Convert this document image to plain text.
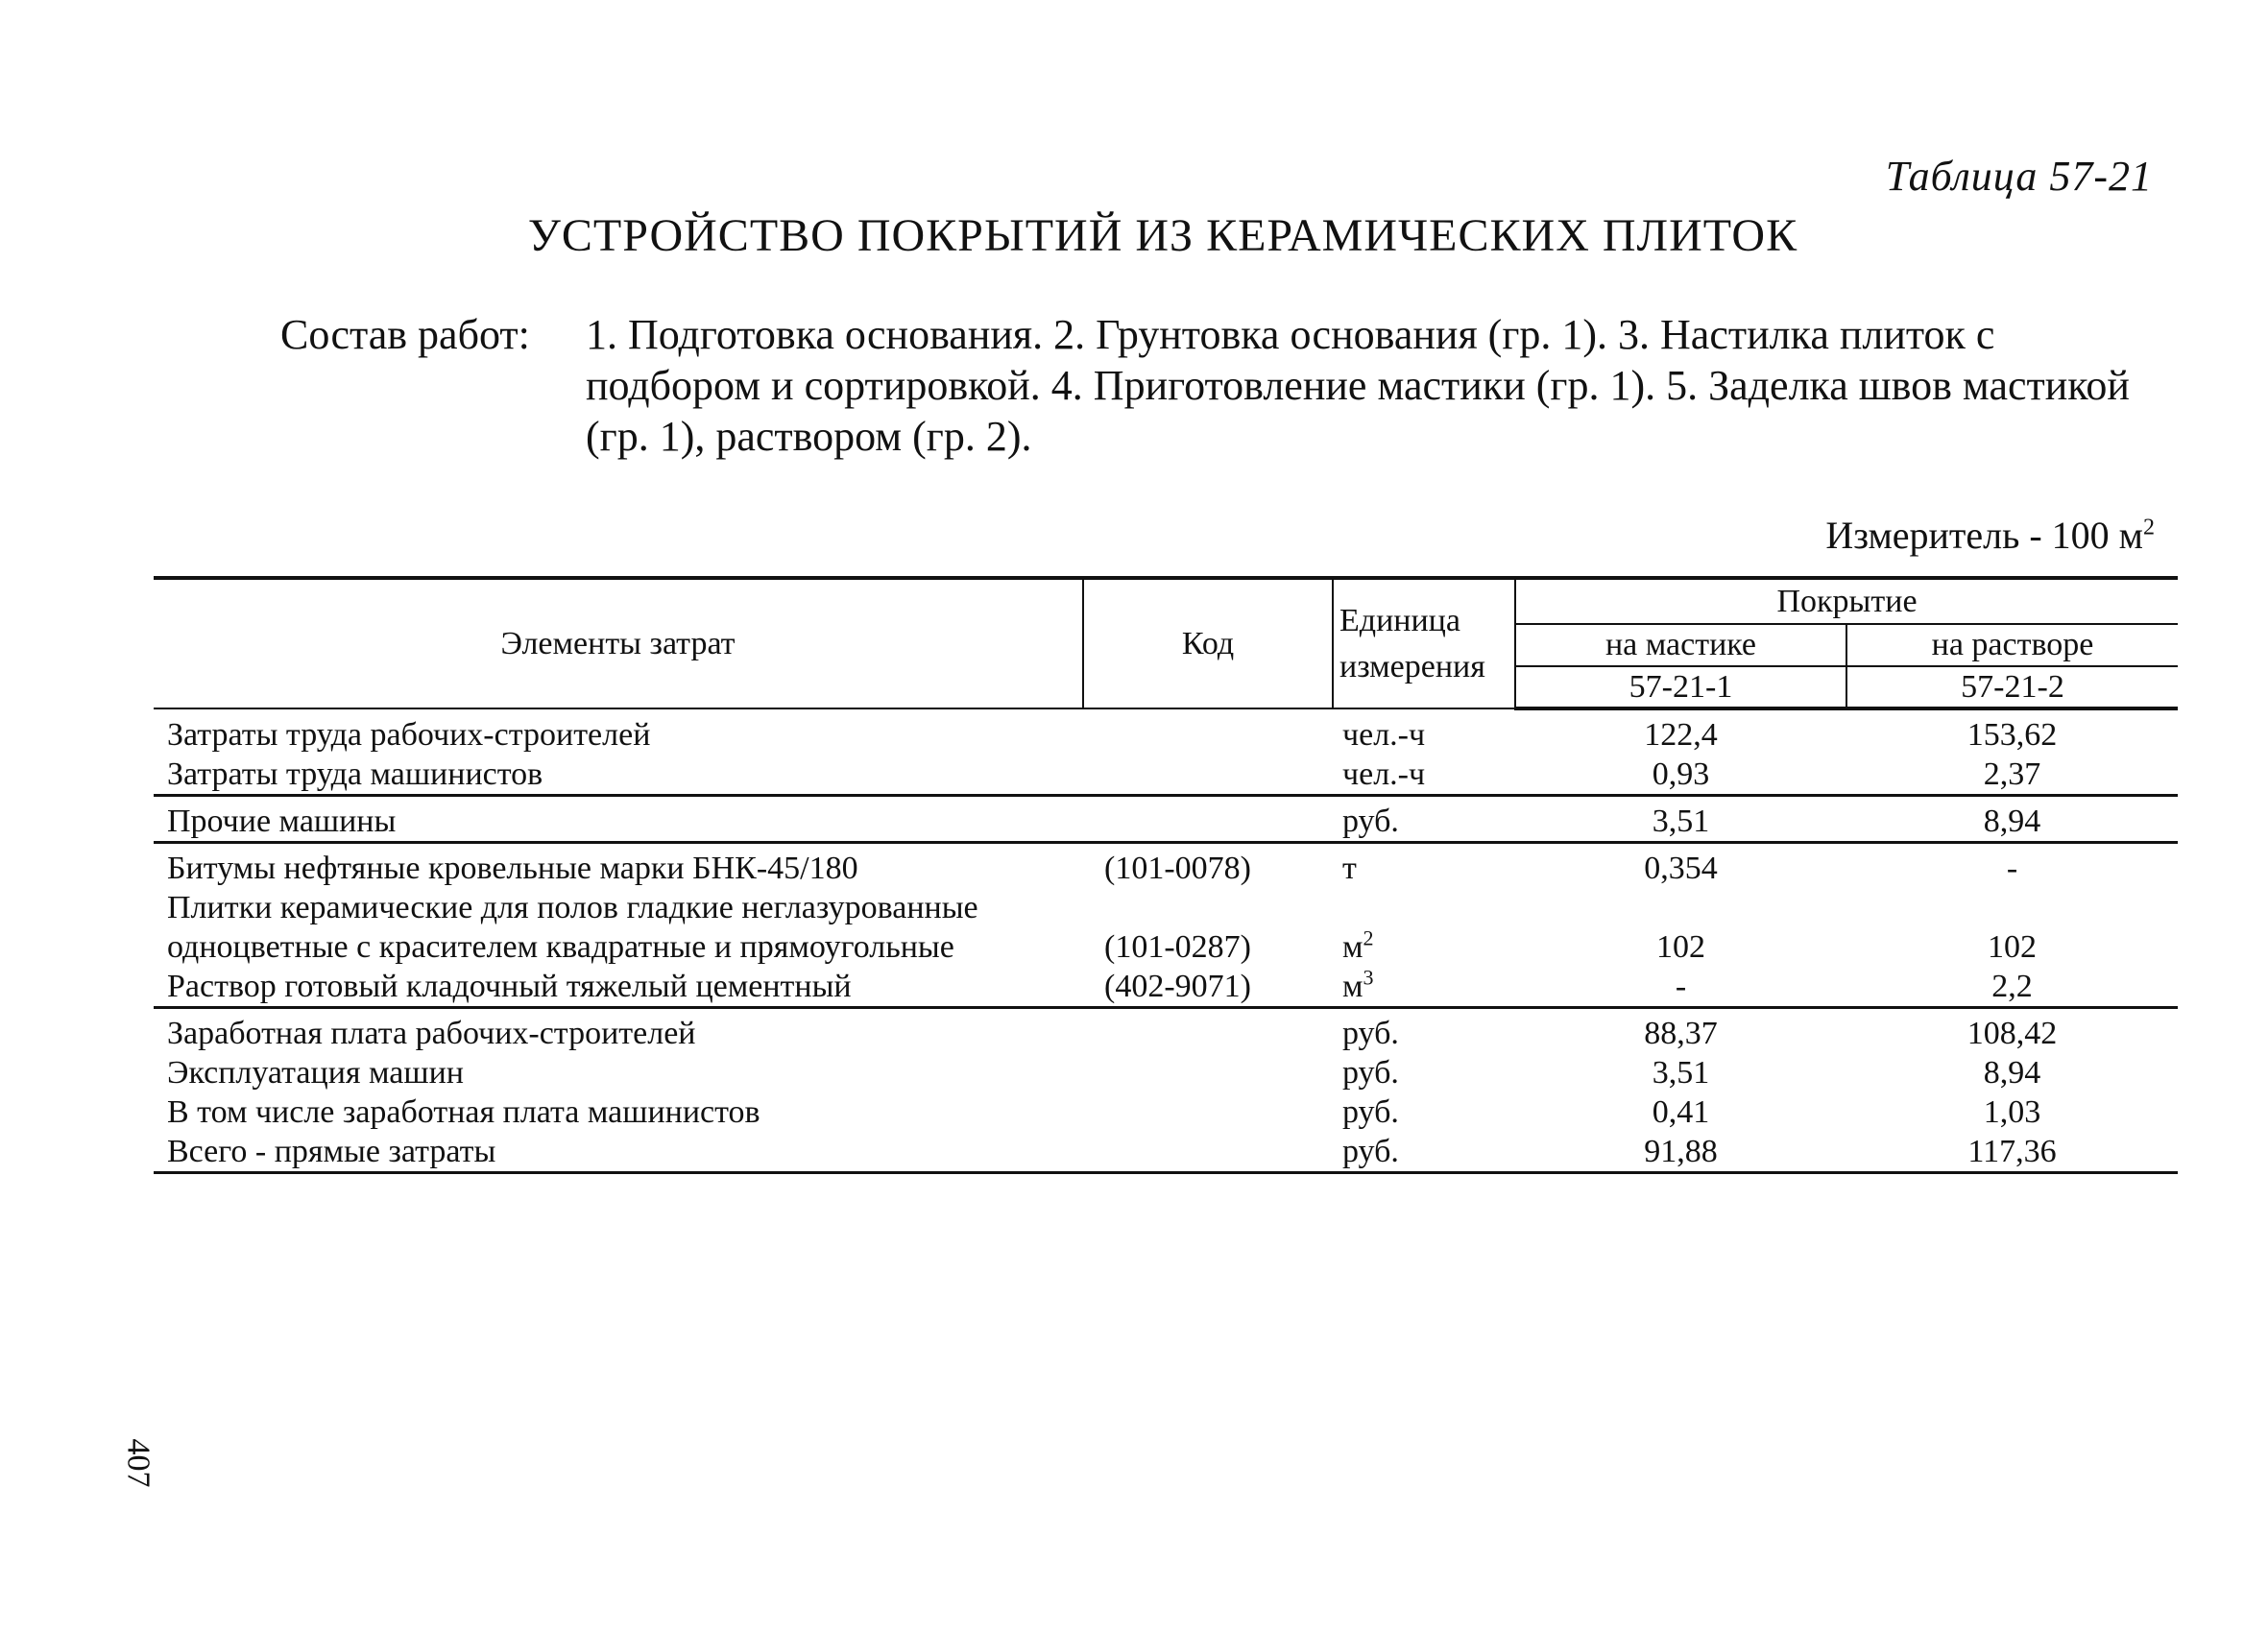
Таблица 57-21
УСТРОЙСТВО ПОКРЫТИЙ ИЗ КЕРАМИЧЕСКИХ ПЛИТОК
Состав работ: 1. Подготовка основания. 2. Грунтовка основания (гр. 1). 3. Настилка плиток с подбором и сортировкой. 4. Приготовление мастики (гр. 1). 5. Заделка швов мастикой (гр. 1), раствором (гр. 2).
Измеритель - 100 $м^2$
Элементы затрат	Код	Единица измерения	Покрытие	
			на мастике	на растворе
			57-21-1	57-21-2
Затраты труда рабочих-строителей		чел.-ч	122,4	153,62
Затраты труда машинистов		чел.-ч	0,93	2,37
Прочие машины		руб.	3,51	8,94
Битумы нефтяные кровельные марки БНК-45/180	(101-0078)	т	0,354	-
Плитки керамические для полов гладкие неглазурованные одноцветные с красителем квадратные и прямоугольные	(101-0287)	$м^2$	102	102
Раствор готовый кладочный тяжелый цементный	(402-9071)	$м^3$	-	2,2
Заработная плата рабочих-строителей		руб.	88,37	108,42
Эксплуатация машин		руб.	3,51	8,94
В том числе заработная плата машинистов		руб.	0,41	1,03
Всего - прямые затраты		руб.	91,88	117,36
407
